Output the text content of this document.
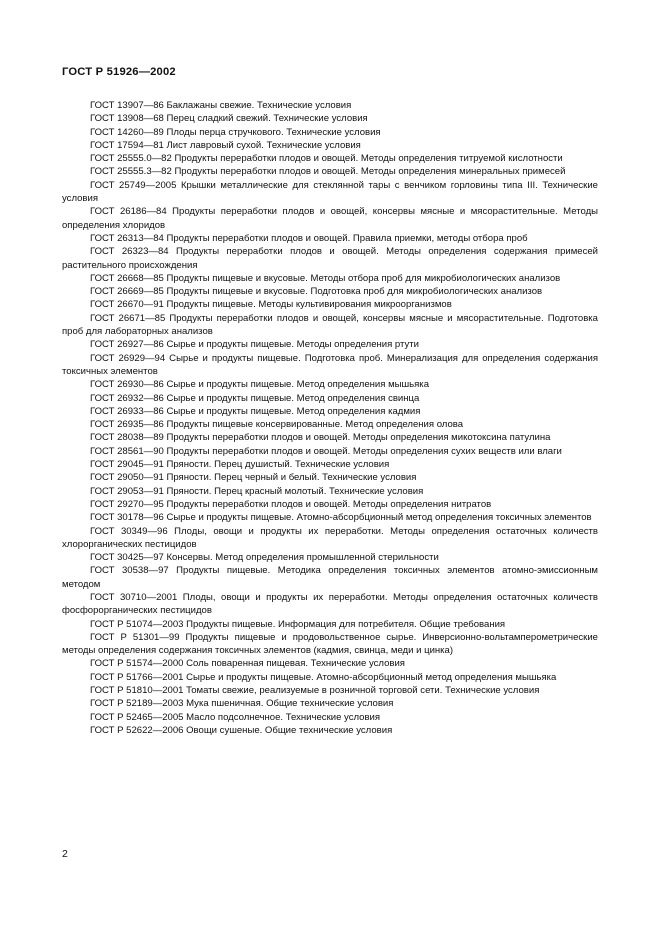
ГОСТ Р 51926—2002

ГОСТ 13907—86 Баклажаны свежие. Технические условия

ГОСТ 13908—68 Перец сладкий свежий. Технические условия

ГОСТ 14260—89 Плоды перца стручкового. Технические условия

ГОСТ 17594—81 Лист лавровый сухой. Технические условия

ГОСТ 25555.0—82 Продукты переработки плодов и овощей. Методы определения титруемой кислотности

ГОСТ 25555.3—82 Продукты переработки плодов и овощей. Методы определения минеральных примесей

ГОСТ 25749—2005 Крышки металлические для стеклянной тары с венчиком горловины типа III. Технические условия

ГОСТ 26186—84 Продукты переработки плодов и овощей, консервы мясные и мясорастительные. Методы определения хлоридов

ГОСТ 26313—84 Продукты переработки плодов и овощей. Правила приемки, методы отбора проб

ГОСТ 26323—84 Продукты переработки плодов и овощей. Методы определения содержания примесей растительного происхождения

ГОСТ 26668—85 Продукты пищевые и вкусовые. Методы отбора проб для микробиологических анализов

ГОСТ 26669—85 Продукты пищевые и вкусовые. Подготовка проб для микробиологических анализов

ГОСТ 26670—91 Продукты пищевые. Методы культивирования микроорганизмов

ГОСТ 26671—85 Продукты переработки плодов и овощей, консервы мясные и мясорастительные. Подготовка проб для лабораторных анализов

ГОСТ 26927—86 Сырье и продукты пищевые. Методы определения ртути

ГОСТ 26929—94 Сырье и продукты пищевые. Подготовка проб. Минерализация для определения содержания токсичных элементов

ГОСТ 26930—86 Сырье и продукты пищевые. Метод определения мышьяка

ГОСТ 26932—86 Сырье и продукты пищевые. Метод определения свинца

ГОСТ 26933—86 Сырье и продукты пищевые. Метод определения кадмия

ГОСТ 26935—86 Продукты пищевые консервированные. Метод определения олова

ГОСТ 28038—89 Продукты переработки плодов и овощей. Методы определения микотоксина патулина

ГОСТ 28561—90 Продукты переработки плодов и овощей. Методы определения сухих веществ или влаги

ГОСТ 29045—91 Пряности. Перец душистый. Технические условия

ГОСТ 29050—91 Пряности. Перец черный и белый. Технические условия

ГОСТ 29053—91 Пряности. Перец красный молотый. Технические условия

ГОСТ 29270—95 Продукты переработки плодов и овощей. Методы определения нитратов

ГОСТ 30178—96 Сырье и продукты пищевые. Атомно-абсорбционный метод определения токсичных элементов

ГОСТ 30349—96 Плоды, овощи и продукты их переработки. Методы определения остаточных количеств хлорорганических пестицидов

ГОСТ 30425—97 Консервы. Метод определения промышленной стерильности

ГОСТ 30538—97 Продукты пищевые. Методика определения токсичных элементов атомно-эмиссионным методом

ГОСТ 30710—2001 Плоды, овощи и продукты их переработки. Методы определения остаточных количеств фосфорорганических пестицидов

ГОСТ Р 51074—2003 Продукты пищевые. Информация для потребителя. Общие требования

ГОСТ Р 51301—99 Продукты пищевые и продовольственное сырье. Инверсионно-вольтамперометрические методы определения содержания токсичных элементов (кадмия, свинца, меди и цинка)

ГОСТ Р 51574—2000 Соль поваренная пищевая. Технические условия

ГОСТ Р 51766—2001 Сырье и продукты пищевые. Атомно-абсорбционный метод определения мышьяка

ГОСТ Р 51810—2001 Томаты свежие, реализуемые в розничной торговой сети. Технические условия

ГОСТ Р 52189—2003 Мука пшеничная. Общие технические условия

ГОСТ Р 52465—2005 Масло подсолнечное. Технические условия

ГОСТ Р 52622—2006 Овощи сушеные. Общие технические условия

2
